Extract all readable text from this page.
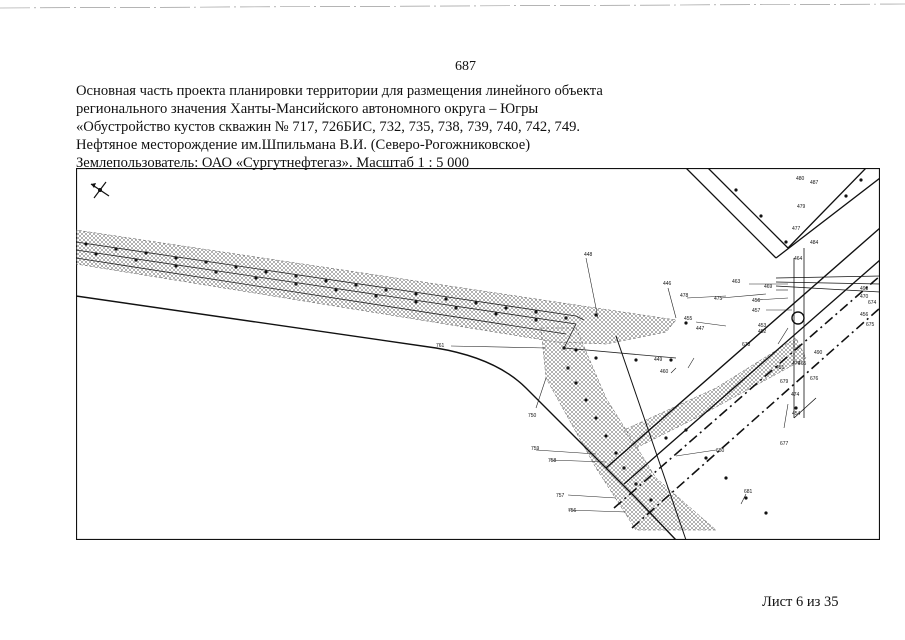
687
Основная часть проекта планировки территории для размещения линейного объекта
регионального значения Ханты-Мансийского автономного округа – Югры
«Обустройство кустов скважин № 717, 726БИС, 732, 735, 738, 739, 740, 742, 749.
Нефтяное месторождение им.Шпильмана В.И. (Северо-Рогожниковское)
Землепользователь: ОАО «Сургутнефтегаз». Масштаб 1 : 5 000
448
446
478	475
463
469
456
457
455
447	453
452
678
449
460
761
750
759
758
757
756
680
681
480
487
479
477
464
484
493
470
674
456
675
451
679
474
454
677
476
490
676
465
Лист 6 из 35
